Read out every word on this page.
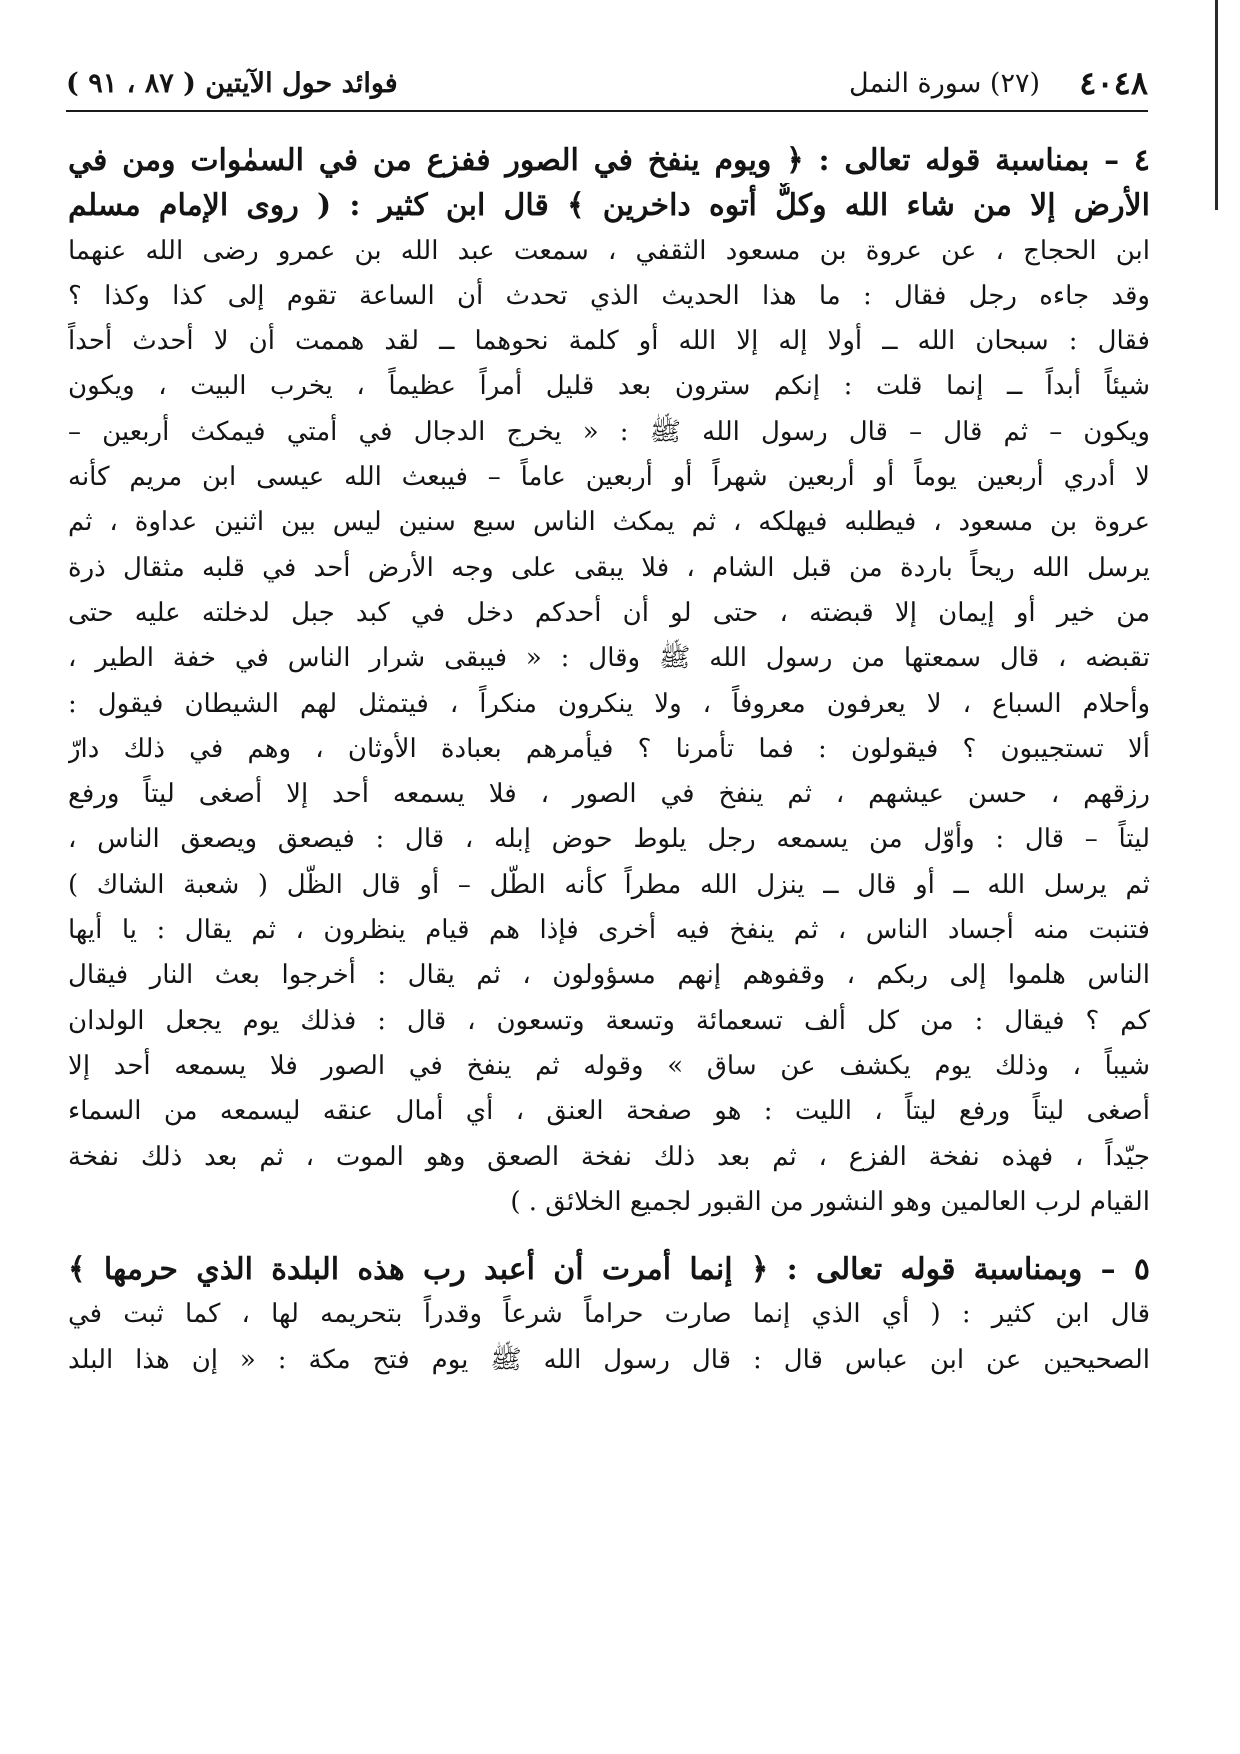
٤٠٤٨
(٢٧) سورة النمل
فوائد حول الآيتين ( ٨٧ ، ٩١ )

٤ – بمناسبة قوله تعالى : ﴿ ويوم ينفخ في الصور ففزع من في السمٰوات ومن في

الأرض إلا من شاء الله وكلٌّ أتوه داخرين ﴾ قال ابن كثير : ( روى الإمام مسلم

ابن الحجاج ، عن عروة بن مسعود الثقفي ، سمعت عبد الله بن عمرو رضى الله عنهما

وقد جاءه رجل فقال : ما هذا الحديث الذي تحدث أن الساعة تقوم إلى كذا وكذا ؟

فقال : سبحان الله ــ أولا إله إلا الله أو كلمة نحوهما ــ لقد هممت أن لا أحدث أحداً

شيئاً أبداً ــ إنما قلت : إنكم سترون بعد قليل أمراً عظيماً ، يخرب البيت ، ويكون

ويكون – ثم قال – قال رسول الله ﷺ : « يخرج الدجال في أمتي فيمكث أربعين –

لا أدري أربعين يوماً أو أربعين شهراً أو أربعين عاماً – فيبعث الله عيسى ابن مريم كأنه

عروة بن مسعود ، فيطلبه فيهلكه ، ثم يمكث الناس سبع سنين ليس بين اثنين عداوة ، ثم

يرسل الله ريحاً باردة من قبل الشام ، فلا يبقى على وجه الأرض أحد في قلبه مثقال ذرة

من خير أو إيمان إلا قبضته ، حتى لو أن أحدكم دخل في كبد جبل لدخلته عليه حتى

تقبضه ، قال سمعتها من رسول الله ﷺ وقال : « فيبقى شرار الناس في خفة الطير ،

وأحلام السباع ، لا يعرفون معروفاً ، ولا ينكرون منكراً ، فيتمثل لهم الشيطان فيقول :

ألا تستجيبون ؟ فيقولون : فما تأمرنا ؟ فيأمرهم بعبادة الأوثان ، وهم في ذلك دارّ

رزقهم ، حسن عيشهم ، ثم ينفخ في الصور ، فلا يسمعه أحد إلا أصغى ليتاً ورفع

ليتاً – قال : وأوّل من يسمعه رجل يلوط حوض إبله ، قال : فيصعق ويصعق الناس ،

ثم يرسل الله ــ أو قال ــ ينزل الله مطراً كأنه الطّل – أو قال الظّل ( شعبة الشاك )

فتنبت منه أجساد الناس ، ثم ينفخ فيه أخرى فإذا هم قيام ينظرون ، ثم يقال : يا أيها

الناس هلموا إلى ربكم ، وقفوهم إنهم مسؤولون ، ثم يقال : أخرجوا بعث النار فيقال

كم ؟ فيقال : من كل ألف تسعمائة وتسعة وتسعون ، قال : فذلك يوم يجعل الولدان

شيباً ، وذلك يوم يكشف عن ساق » وقوله ثم ينفخ في الصور فلا يسمعه أحد إلا

أصغى ليتاً ورفع ليتاً ، الليت : هو صفحة العنق ، أي أمال عنقه ليسمعه من السماء

جيّداً ، فهذه نفخة الفزع ، ثم بعد ذلك نفخة الصعق وهو الموت ، ثم بعد ذلك نفخة

القيام لرب العالمين وهو النشور من القبور لجميع الخلائق . )

٥ – وبمناسبة قوله تعالى : ﴿ إنما أمرت أن أعبد رب هذه البلدة الذي حرمها ﴾

قال ابن كثير : ( أي الذي إنما صارت حراماً شرعاً وقدراً بتحريمه لها ، كما ثبت في

الصحيحين عن ابن عباس قال : قال رسول الله ﷺ يوم فتح مكة : « إن هذا البلد
